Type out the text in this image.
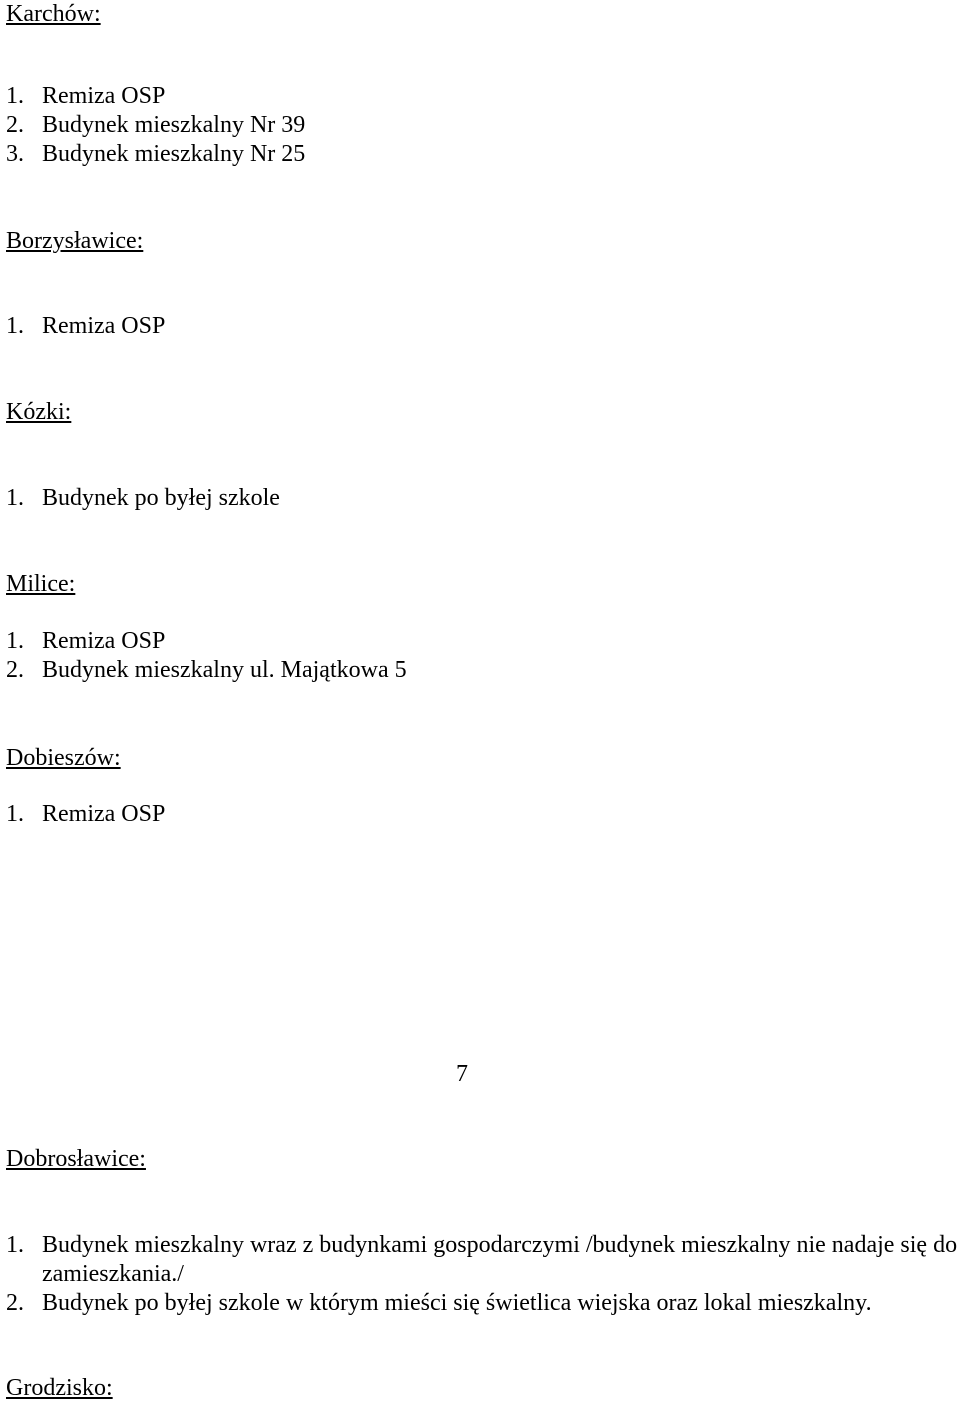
Karchów:
1. Remiza OSP
2. Budynek mieszkalny Nr 39
3. Budynek mieszkalny Nr 25
Borzysławice:
1. Remiza OSP
Kózki:
1. Budynek po byłej szkole
Milice:
1. Remiza OSP
2. Budynek mieszkalny ul. Majątkowa 5
Dobieszów:
1. Remiza OSP
7
Dobrosławice:
1. Budynek mieszkalny wraz z budynkami gospodarczymi /budynek mieszkalny nie nadaje się do zamieszkania./
2. Budynek po byłej szkole w którym mieści się świetlica wiejska oraz lokal mieszkalny.
Grodzisko:
